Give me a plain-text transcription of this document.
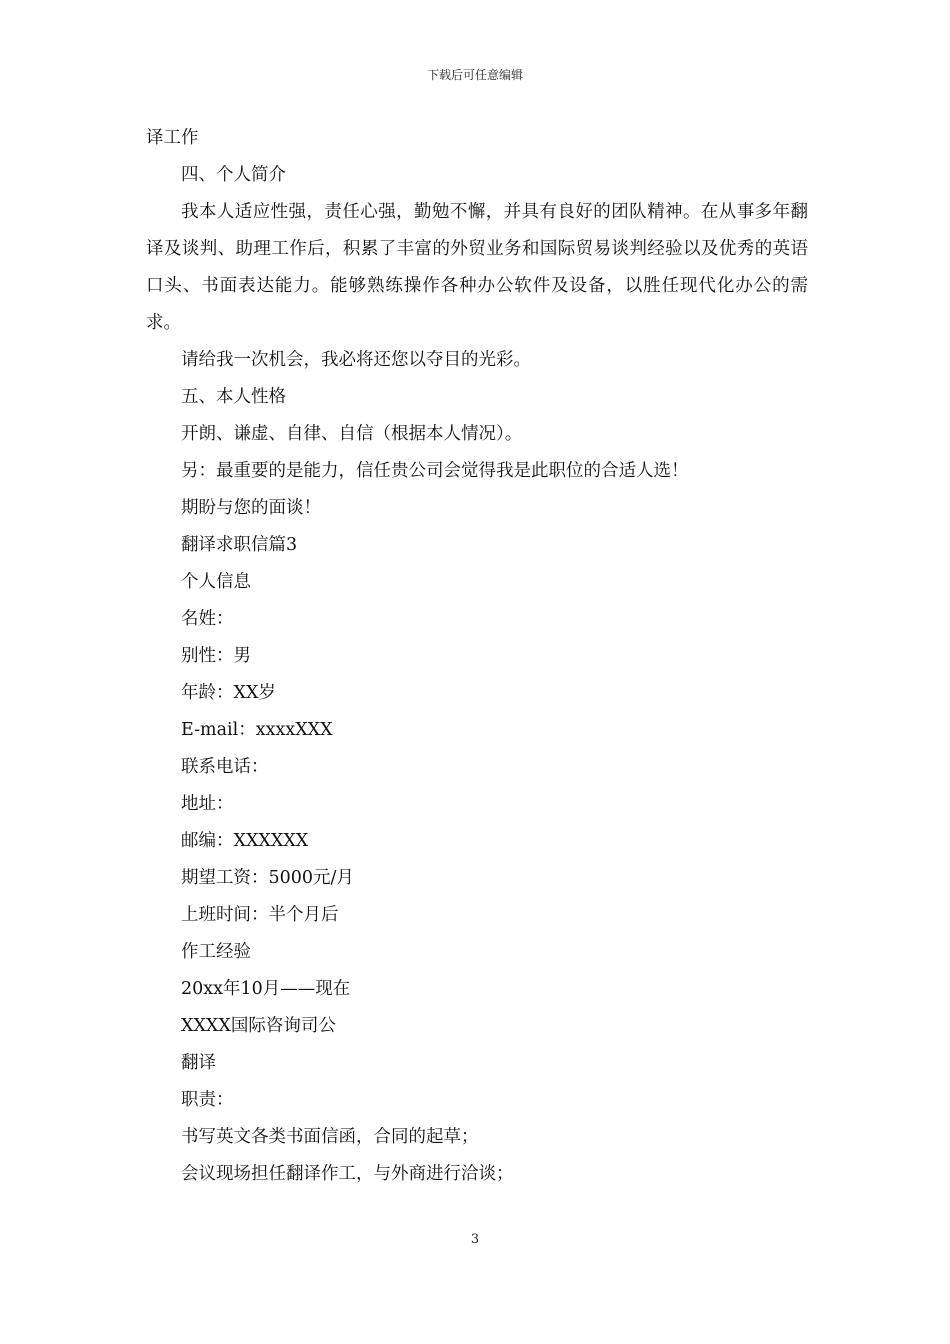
下载后可任意编辑
译工作
四、个人简介
我本人适应性强，责任心强，勤勉不懈，并具有良好的团队精神。在从事多年翻译及谈判、助理工作后，积累了丰富的外贸业务和国际贸易谈判经验以及优秀的英语口头、书面表达能力。能够熟练操作各种办公软件及设备，以胜任现代化办公的需求。
请给我一次机会，我必将还您以夺目的光彩。
五、本人性格
开朗、谦虚、自律、自信（根据本人情况）。
另：最重要的是能力，信任贵公司会觉得我是此职位的合适人选！
期盼与您的面谈！
翻译求职信篇3
个人信息
名姓：
别性：男
年龄：XX岁
E-mail：xxxxXXX
联系电话：
地址：
邮编：XXXXXX
期望工资：5000元/月
上班时间：半个月后
作工经验
20xx年10月——现在
XXXX国际咨询司公
翻译
职责：
书写英文各类书面信函，合同的起草；
会议现场担任翻译作工，与外商进行洽谈；
3
